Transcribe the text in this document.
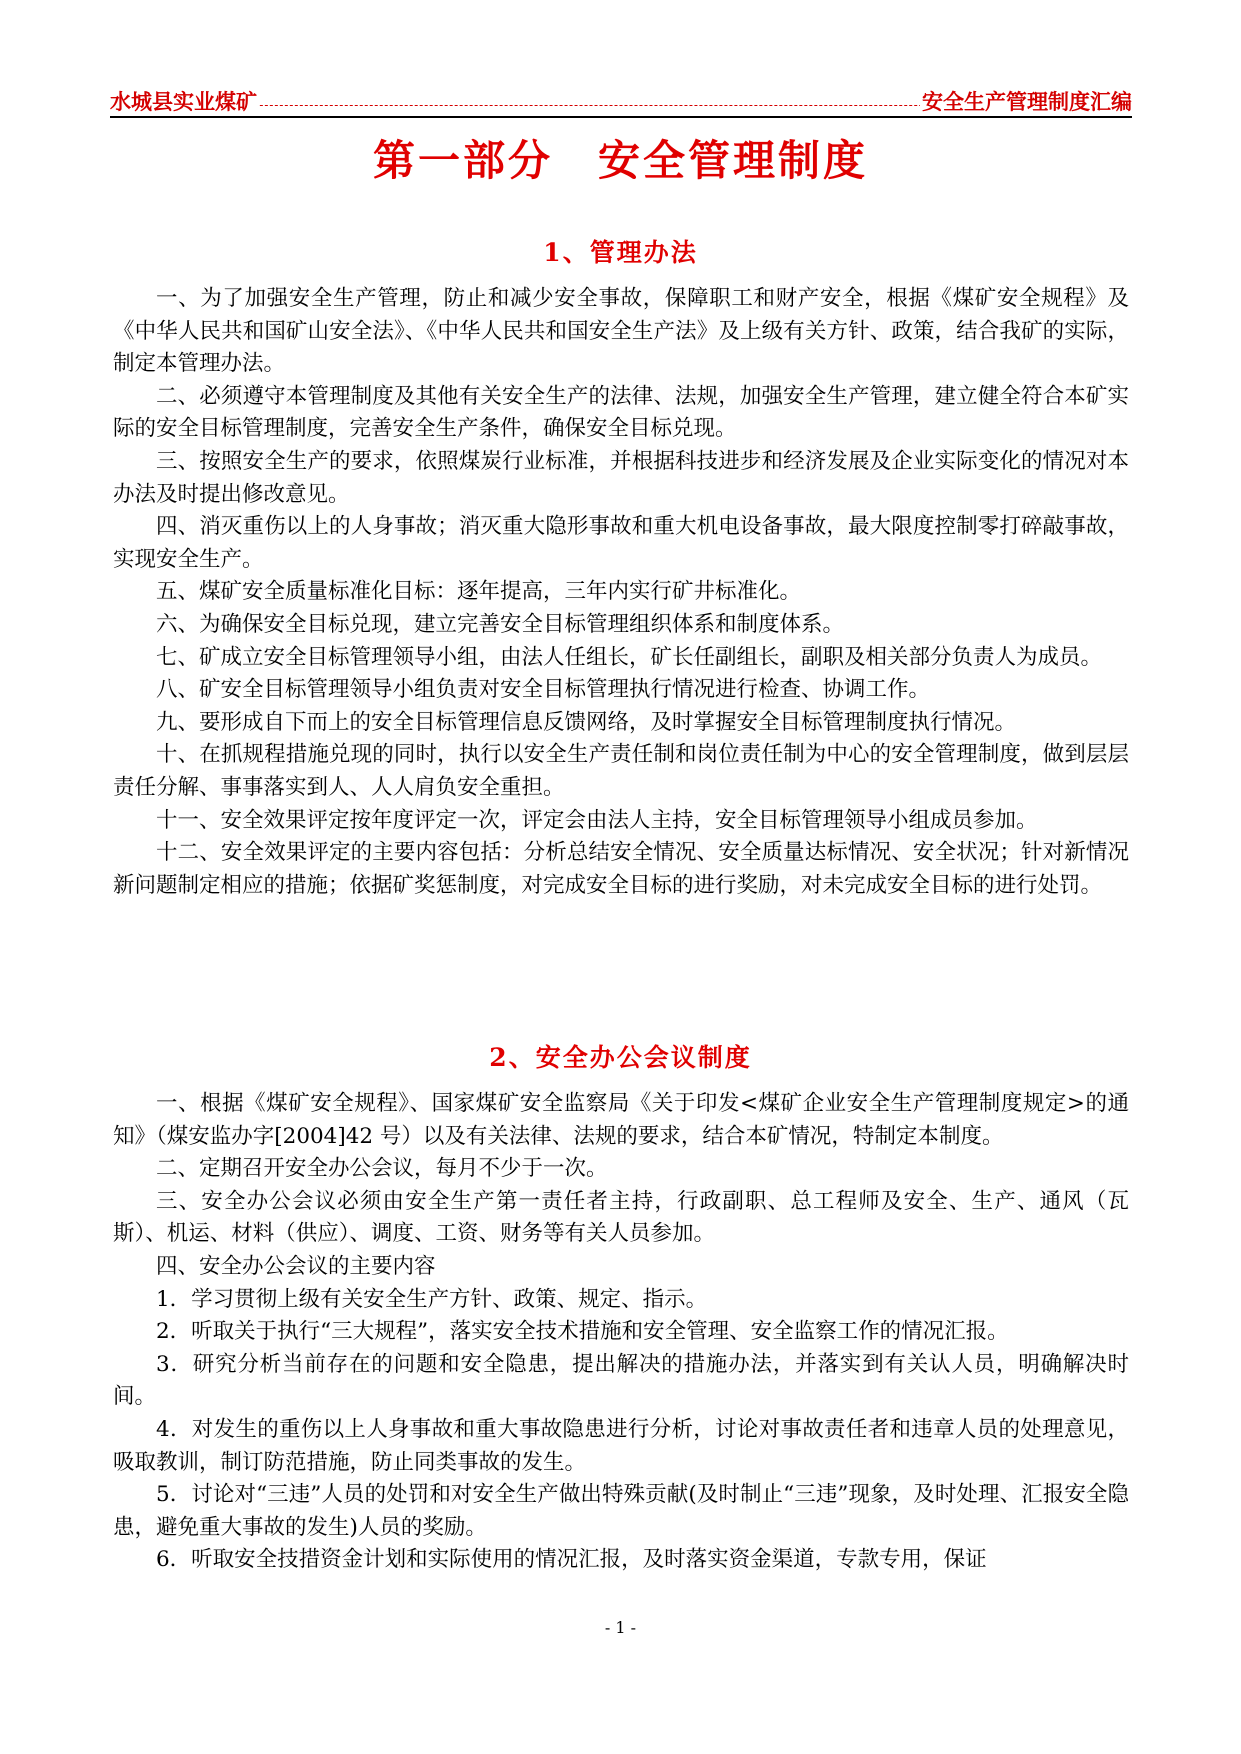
水城县实业煤矿	安全生产管理制度汇编
第一部分　安全管理制度
1、管理办法

一、为了加强安全生产管理，防止和减少安全事故，保障职工和财产安全，根据《煤矿安全规程》及《中华人民共和国矿山安全法》、《中华人民共和国安全生产法》及上级有关方针、政策，结合我矿的实际，制定本管理办法。

二、必须遵守本管理制度及其他有关安全生产的法律、法规，加强安全生产管理，建立健全符合本矿实际的安全目标管理制度，完善安全生产条件，确保安全目标兑现。

三、按照安全生产的要求，依照煤炭行业标准，并根据科技进步和经济发展及企业实际变化的情况对本办法及时提出修改意见。

四、消灭重伤以上的人身事故；消灭重大隐形事故和重大机电设备事故，最大限度控制零打碎敲事故，实现安全生产。

五、煤矿安全质量标准化目标：逐年提高，三年内实行矿井标准化。

六、为确保安全目标兑现，建立完善安全目标管理组织体系和制度体系。

七、矿成立安全目标管理领导小组，由法人任组长，矿长任副组长，副职及相关部分负责人为成员。

八、矿安全目标管理领导小组负责对安全目标管理执行情况进行检查、协调工作。

九、要形成自下而上的安全目标管理信息反馈网络，及时掌握安全目标管理制度执行情况。

十、在抓规程措施兑现的同时，执行以安全生产责任制和岗位责任制为中心的安全管理制度，做到层层责任分解、事事落实到人、人人肩负安全重担。

十一、安全效果评定按年度评定一次，评定会由法人主持，安全目标管理领导小组成员参加。

十二、安全效果评定的主要内容包括：分析总结安全情况、安全质量达标情况、安全状况；针对新情况新问题制定相应的措施；依据矿奖惩制度，对完成安全目标的进行奖励，对未完成安全目标的进行处罚。

2、安全办公会议制度

一、根据《煤矿安全规程》、国家煤矿安全监察局《关于印发<煤矿企业安全生产管理制度规定>的通知》（煤安监办字[2004]42 号）以及有关法律、法规的要求，结合本矿情况，特制定本制度。

二、定期召开安全办公会议，每月不少于一次。

三、安全办公会议必须由安全生产第一责任者主持，行政副职、总工程师及安全、生产、通风（瓦斯）、机运、材料（供应）、调度、工资、财务等有关人员参加。

四、安全办公会议的主要内容

1．学习贯彻上级有关安全生产方针、政策、规定、指示。

2．听取关于执行“三大规程”，落实安全技术措施和安全管理、安全监察工作的情况汇报。

3．研究分析当前存在的问题和安全隐患，提出解决的措施办法，并落实到有关认人员，明确解决时间。

4．对发生的重伤以上人身事故和重大事故隐患进行分析，讨论对事故责任者和违章人员的处理意见，吸取教训，制订防范措施，防止同类事故的发生。

5．讨论对“三违”人员的处罚和对安全生产做出特殊贡献(及时制止“三违”现象，及时处理、汇报安全隐患，避免重大事故的发生)人员的奖励。

6．听取安全技措资金计划和实际使用的情况汇报，及时落实资金渠道，专款专用，保证

- 1 -
